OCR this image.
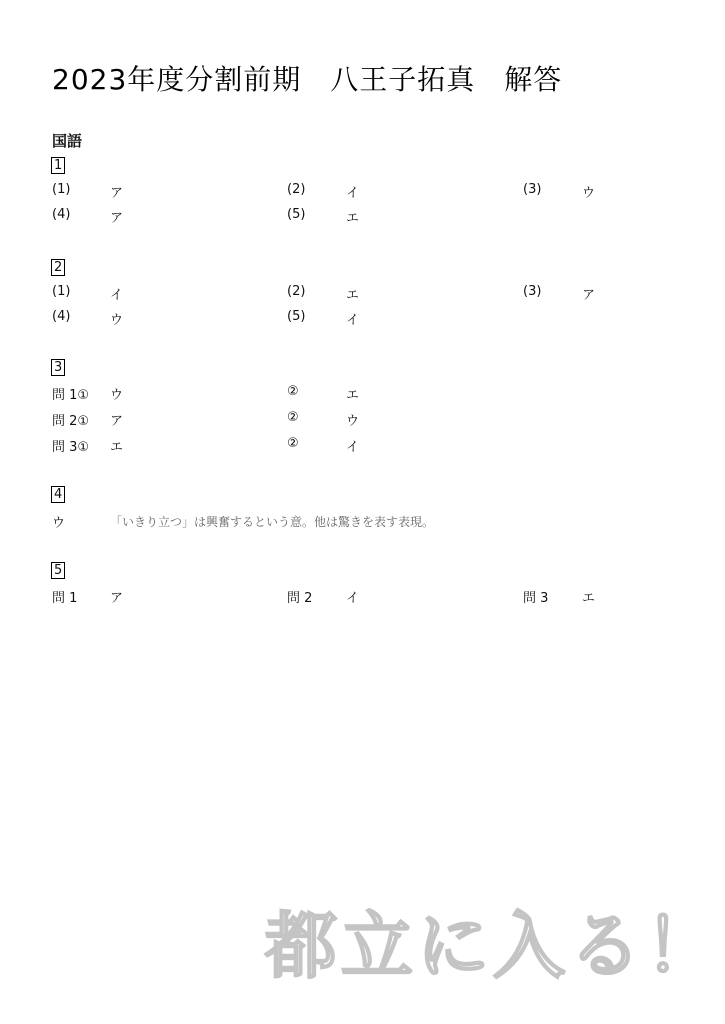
2023年度分割前期　八王子拓真　解答
国語
1
(1)	ア	(2)	イ	(3)	ウ
(4)	ア	(5)	エ
2
(1)	イ	(2)	エ	(3)	ア
(4)	ウ	(5)	イ
3
問 1① ウ	②	エ
問 2① ア	②	ウ
問 3① エ	②	イ
4
ウ	「いきり立つ」は興奮するという意。他は驚きを表す表現。
5
問 1	ア	問 2	イ	問 3	エ
都立に入る！
